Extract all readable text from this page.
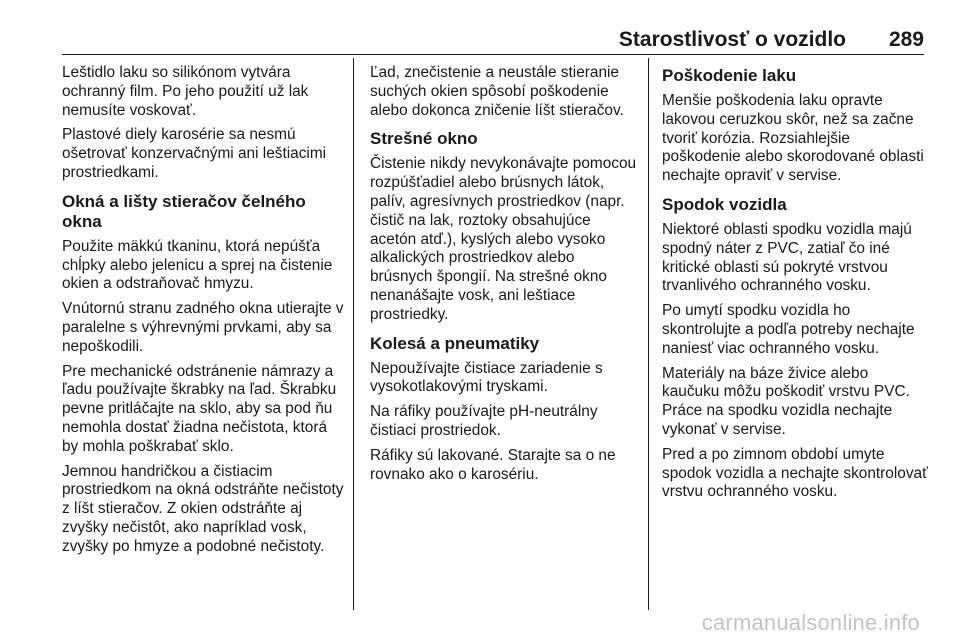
Starostlivosť o vozidlo 289

Leštidlo laku so silikónom vytvára ochranný film. Po jeho použití už lak nemusíte voskovať.

Plastové diely karosérie sa nesmú ošetrovať konzervačnými ani leštiacimi prostriedkami.

Okná a lišty stieračov čelného okna

Použite mäkkú tkaninu, ktorá nepúšťa chĺpky alebo jelenicu a sprej na čistenie okien a odstraňovač hmyzu.

Vnútornú stranu zadného okna utierajte v paralelne s výhrevnými prvkami, aby sa nepoškodili.

Pre mechanické odstránenie námrazy a ľadu používajte škrabky na ľad. Škrabku pevne pritláčajte na sklo, aby sa pod ňu nemohla dostať žiadna nečistota, ktorá by mohla poškrabať sklo.

Jemnou handričkou a čistiacim prostriedkom na okná odstráňte nečistoty z líšt stieračov. Z okien odstráňte aj zvyšky nečistôt, ako napríklad vosk, zvyšky po hmyze a podobné nečistoty.

Ľad, znečistenie a neustále stieranie suchých okien spôsobí poškodenie alebo dokonca zničenie líšt stieračov.

Strešné okno

Čistenie nikdy nevykonávajte pomocou rozpúšťadiel alebo brúsnych látok, palív, agresívnych prostriedkov (napr. čistič na lak, roztoky obsahujúce acetón atď.), kyslých alebo vysoko alkalických prostriedkov alebo brúsnych špongií. Na strešné okno nenanášajte vosk, ani leštiace prostriedky.

Kolesá a pneumatiky

Nepoužívajte čistiace zariadenie s vysokotlakovými tryskami.

Na ráfiky používajte pH-neutrálny čistiaci prostriedok.

Ráfiky sú lakované. Starajte sa o ne rovnako ako o karosériu.

Poškodenie laku

Menšie poškodenia laku opravte lakovou ceruzkou skôr, než sa začne tvoriť korózia. Rozsiahlejšie poškodenie alebo skorodované oblasti nechajte opraviť v servise.

Spodok vozidla

Niektoré oblasti spodku vozidla majú spodný náter z PVC, zatiaľ čo iné kritické oblasti sú pokryté vrstvou trvanlivého ochranného vosku.

Po umytí spodku vozidla ho skontrolujte a podľa potreby nechajte naniesť viac ochranného vosku.

Materiály na báze živice alebo kaučuku môžu poškodiť vrstvu PVC. Práce na spodku vozidla nechajte vykonať v servise.

Pred a po zimnom období umyte spodok vozidla a nechajte skontrolovať vrstvu ochranného vosku.

carmanualsonline.info
